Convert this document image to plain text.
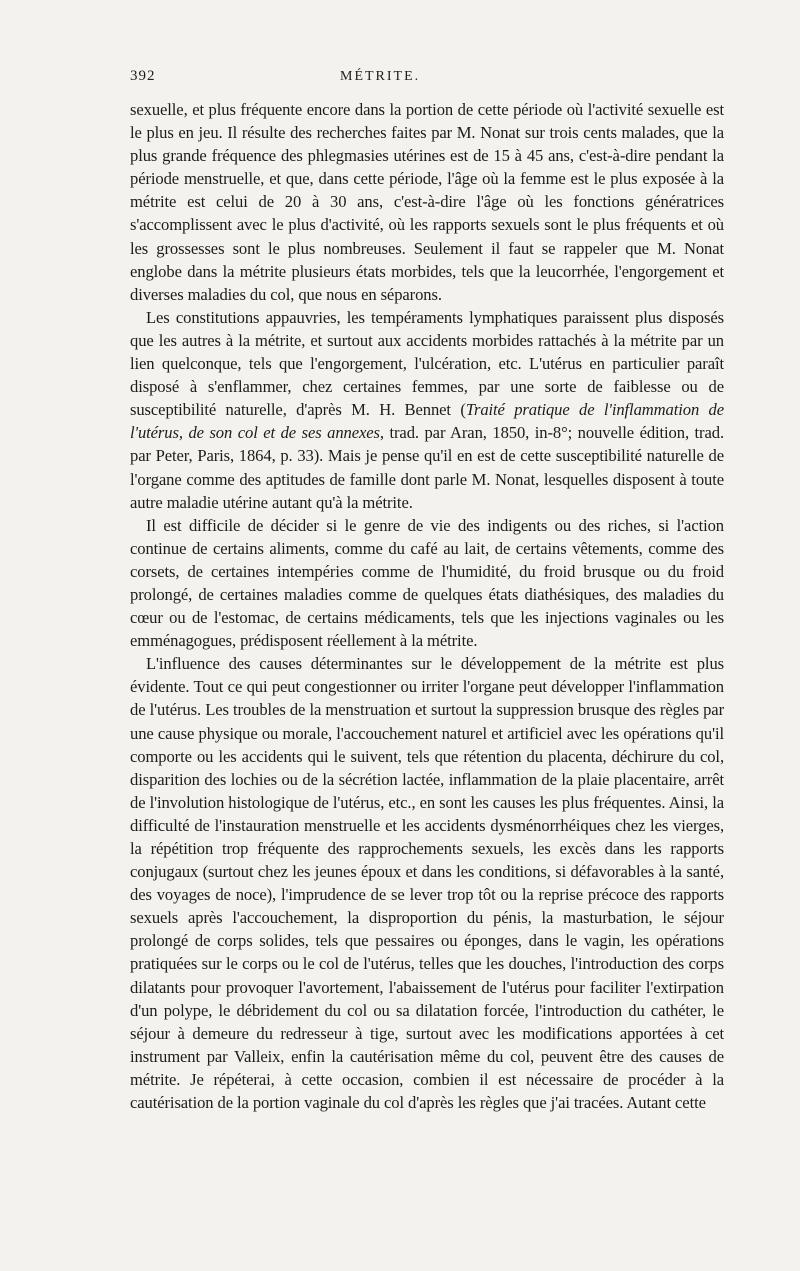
392	MÉTRITE.

sexuelle, et plus fréquente encore dans la portion de cette période où l'activité sexuelle est le plus en jeu. Il résulte des recherches faites par M. Nonat sur trois cents malades, que la plus grande fréquence des phlegmasies utérines est de 15 à 45 ans, c'est-à-dire pendant la période menstruelle, et que, dans cette période, l'âge où la femme est le plus exposée à la métrite est celui de 20 à 30 ans, c'est-à-dire l'âge où les fonctions génératrices s'accomplissent avec le plus d'activité, où les rapports sexuels sont le plus fréquents et où les grossesses sont le plus nombreuses. Seulement il faut se rappeler que M. Nonat englobe dans la métrite plusieurs états morbides, tels que la leucorrhée, l'engorgement et diverses maladies du col, que nous en séparons.

Les constitutions appauvries, les tempéraments lymphatiques paraissent plus disposés que les autres à la métrite, et surtout aux accidents morbides rattachés à la métrite par un lien quelconque, tels que l'engorgement, l'ulcération, etc. L'utérus en particulier paraît disposé à s'enflammer, chez certaines femmes, par une sorte de faiblesse ou de susceptibilité naturelle, d'après M. H. Bennet (Traité pratique de l'inflammation de l'utérus, de son col et de ses annexes, trad. par Aran, 1850, in-8°; nouvelle édition, trad. par Peter, Paris, 1864, p. 33). Mais je pense qu'il en est de cette susceptibilité naturelle de l'organe comme des aptitudes de famille dont parle M. Nonat, lesquelles disposent à toute autre maladie utérine autant qu'à la métrite.

Il est difficile de décider si le genre de vie des indigents ou des riches, si l'action continue de certains aliments, comme du café au lait, de certains vêtements, comme des corsets, de certaines intempéries comme de l'humidité, du froid brusque ou du froid prolongé, de certaines maladies comme de quelques états diathésiques, des maladies du cœur ou de l'estomac, de certains médicaments, tels que les injections vaginales ou les emménagogues, prédisposent réellement à la métrite.

L'influence des causes déterminantes sur le développement de la métrite est plus évidente. Tout ce qui peut congestionner ou irriter l'organe peut développer l'inflammation de l'utérus. Les troubles de la menstruation et surtout la suppression brusque des règles par une cause physique ou morale, l'accouchement naturel et artificiel avec les opérations qu'il comporte ou les accidents qui le suivent, tels que rétention du placenta, déchirure du col, disparition des lochies ou de la sécrétion lactée, inflammation de la plaie placentaire, arrêt de l'involution histologique de l'utérus, etc., en sont les causes les plus fréquentes. Ainsi, la difficulté de l'instauration menstruelle et les accidents dysménorrhéiques chez les vierges, la répétition trop fréquente des rapprochements sexuels, les excès dans les rapports conjugaux (surtout chez les jeunes époux et dans les conditions, si défavorables à la santé, des voyages de noce), l'imprudence de se lever trop tôt ou la reprise précoce des rapports sexuels après l'accouchement, la disproportion du pénis, la masturbation, le séjour prolongé de corps solides, tels que pessaires ou éponges, dans le vagin, les opérations pratiquées sur le corps ou le col de l'utérus, telles que les douches, l'introduction des corps dilatants pour provoquer l'avortement, l'abaissement de l'utérus pour faciliter l'extirpation d'un polype, le débridement du col ou sa dilatation forcée, l'introduction du cathéter, le séjour à demeure du redresseur à tige, surtout avec les modifications apportées à cet instrument par Valleix, enfin la cautérisation même du col, peuvent être des causes de métrite. Je répéterai, à cette occasion, combien il est nécessaire de procéder à la cautérisation de la portion vaginale du col d'après les règles que j'ai tracées. Autant cette
